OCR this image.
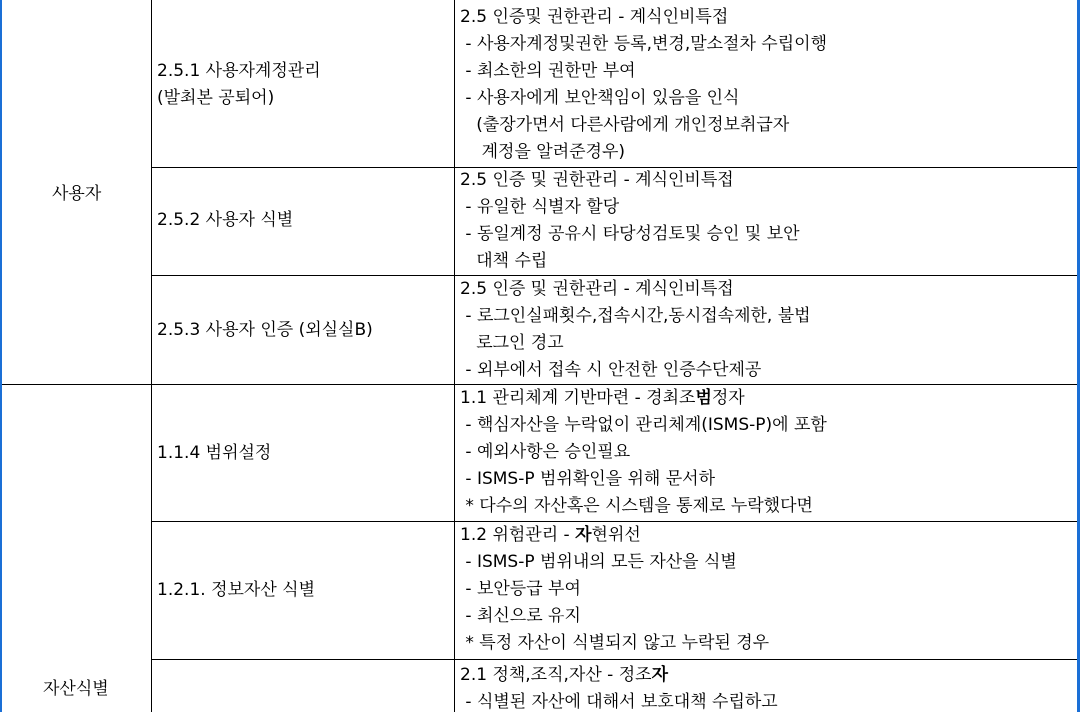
사용자
자산식별
2.5.1 사용자계정관리
(발최본 공퇴어)
2.5 인증및 권한관리 - 계식인비특접
- 사용자계정및권한 등록,변경,말소절차 수립이행
- 최소한의 권한만 부여
- 사용자에게 보안책임이 있음을 인식
(출장가면서 다른사람에게 개인정보취급자
계정을 알려준경우)
2.5.2 사용자 식별
2.5 인증 및 권한관리 - 계식인비특접
- 유일한 식별자 할당
- 동일계정 공유시 타당성검토및 승인 및 보안
대책 수립
2.5.3 사용자 인증 (외실실B)
2.5 인증 및 권한관리 - 계식인비특접
- 로그인실패횟수,접속시간,동시접속제한, 불법
로그인 경고
- 외부에서 접속 시 안전한 인증수단제공
1.1.4 범위설정
1.1 관리체계 기반마련 - 경최조범정자
- 핵심자산을 누락없이 관리체계(ISMS-P)에 포함
- 예외사항은 승인필요
- ISMS-P 범위확인을 위해 문서하
* 다수의 자산혹은 시스템을 통제로 누락했다면
1.2.1. 정보자산 식별
1.2 위험관리 - 자현위선
- ISMS-P 범위내의 모든 자산을 식별
- 보안등급 부여
- 최신으로 유지
* 특정 자산이 식별되지 않고 누락된 경우
2.1 정책,조직,자산 - 정조자
- 식별된 자산에 대해서 보호대책 수립하고
